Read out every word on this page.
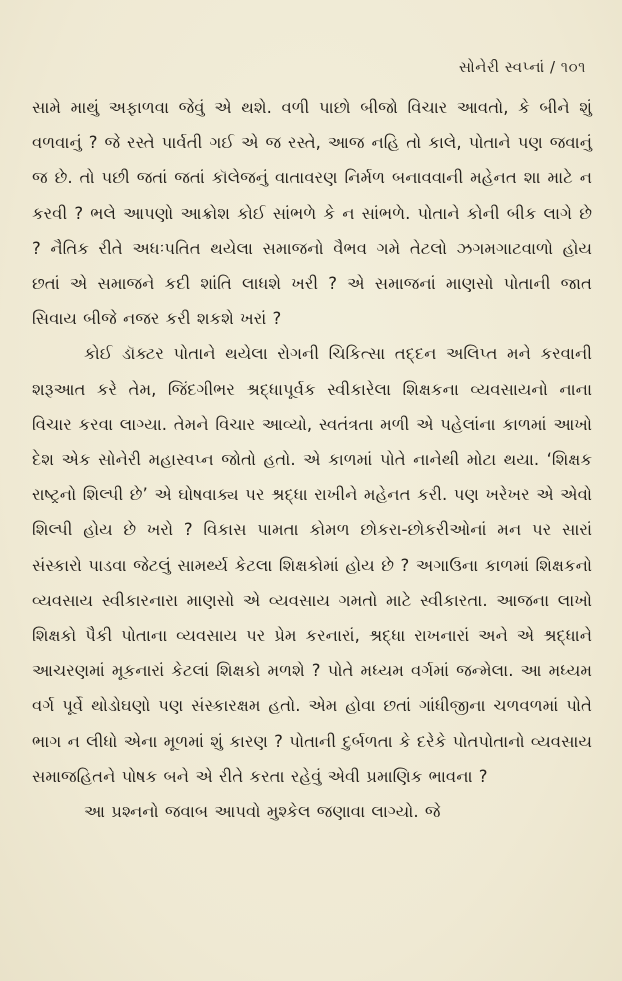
સોનેરી સ્વપ્નાં / ૧૦૧

સામે માથું અફાળવા જેવું એ થશે. વળી પાછો બીજો વિચાર આવતો, કે બીને શું વળવાનું ? જે રસ્તે પાર્વતી ગઈ એ જ રસ્તે, આજ નહિ તો કાલે, પોતાને પણ જવાનું જ છે. તો પછી જતાં જતાં કૉલેજનું વાતાવરણ નિર્મળ બનાવવાની મહેનત શા માટે ન કરવી ? ભલે આપણો આક્રોશ કોઈ સાંભળે કે ન સાંભળે. પોતાને કોની બીક લાગે છે ? નૈતિક રીતે અધઃપતિત થયેલા સમાજનો વૈભવ ગમે તેટલો ઝગમગાટવાળો હોય છતાં એ સમાજને કદી શાંતિ લાધશે ખરી ? એ સમાજનાં માણસો પોતાની જાત સિવાય બીજે નજર કરી શકશે ખરાં ?

કોઈ ડૉક્ટર પોતાને થયેલા રોગની ચિકિત્સા તદ્દન અલિપ્ત મને કરવાની શરૂઆત કરે તેમ, જિંદગીભર શ્રદ્ધાપૂર્વક સ્વીકારેલા શિક્ષકના વ્યવસાયનો નાના વિચાર કરવા લાગ્યા. તેમને વિચાર આવ્યો, સ્વતંત્રતા મળી એ પહેલાંના કાળમાં આખો દેશ એક સોનેરી મહાસ્વપ્ન જોતો હતો. એ કાળમાં પોતે નાનેથી મોટા થયા. ‘શિક્ષક રાષ્ટ્રનો શિલ્પી છે’ એ ઘોષવાક્ય પર શ્રદ્ધા રાખીને મહેનત કરી. પણ ખરેખર એ એવો શિલ્પી હોય છે ખરો ? વિકાસ પામતા કોમળ છોકરા-છોકરીઓનાં મન પર સારાં સંસ્કારો પાડવા જેટલું સામર્થ્ય કેટલા શિક્ષકોમાં હોય છે ? અગાઉના કાળમાં શિક્ષકનો વ્યવસાય સ્વીકારનારા માણસો એ વ્યવસાય ગમતો માટે સ્વીકારતા. આજના લાખો શિક્ષકો પૈકી પોતાના વ્યવસાય પર પ્રેમ કરનારાં, શ્રદ્ધા રાખનારાં અને એ શ્રદ્ધાને આચરણમાં મૂકનારાં કેટલાં શિક્ષકો મળશે ? પોતે મધ્યમ વર્ગમાં જન્મેલા. આ મધ્યમ વર્ગ પૂર્વે થોડોઘણો પણ સંસ્કારક્ષમ હતો. એમ હોવા છતાં ગાંધીજીના ચળવળમાં પોતે ભાગ ન લીધો એના મૂળમાં શું કારણ ? પોતાની દુર્બળતા કે દરેકે પોતપોતાનો વ્યવસાય સમાજહિતને પોષક બને એ રીતે કરતા રહેવું એવી પ્રમાણિક ભાવના ?

આ પ્રશ્નનો જવાબ આપવો મુશ્કેલ જણાવા લાગ્યો. જે
